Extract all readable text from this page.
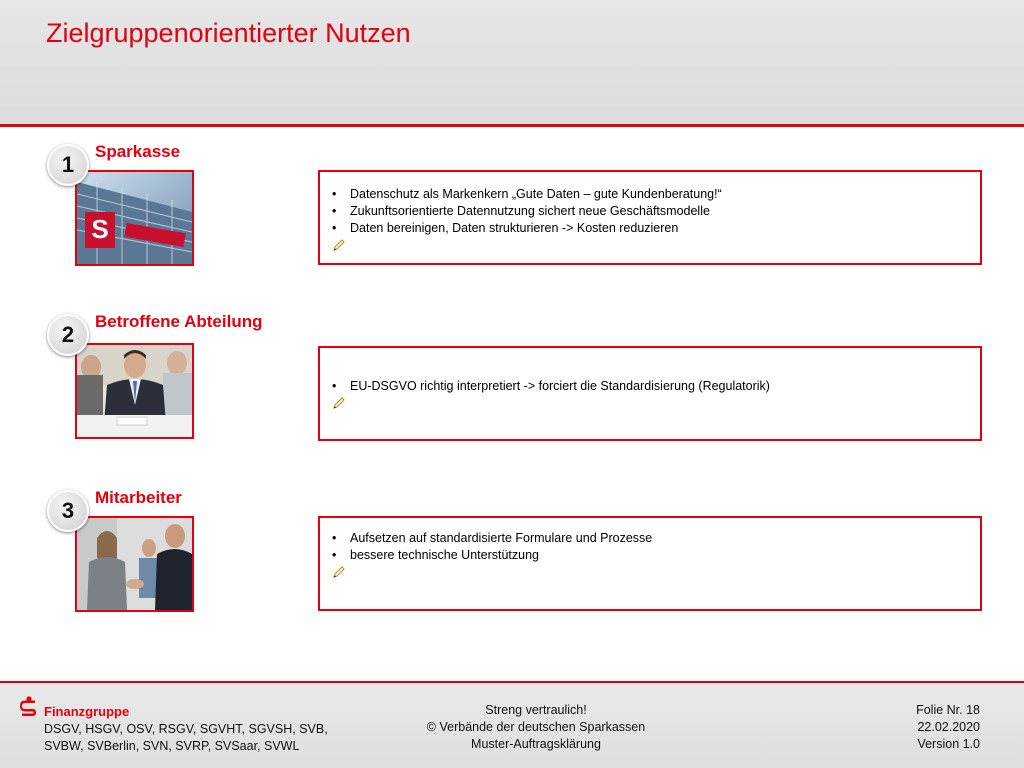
Zielgruppenorientierter Nutzen
1
Sparkasse
S
• Datenschutz als Markenkern „Gute Daten – gute Kundenberatung!“
• Zukunftsorientierte Datennutzung sichert neue Geschäftsmodelle
• Daten bereinigen, Daten strukturieren -> Kosten reduzieren
2
Betroffene Abteilung
• EU-DSGVO richtig interpretiert -> forciert die Standardisierung (Regulatorik)
3
Mitarbeiter
• Aufsetzen auf standardisierte Formulare und Prozesse
• bessere technische Unterstützung
Finanzgruppe
DSGV, HSGV, OSV, RSGV, SGVHT, SGVSH, SVB,
SVBW, SVBerlin, SVN, SVRP, SVSaar, SVWL
Streng vertraulich!
© Verbände der deutschen Sparkassen
Muster-Auftragsklärung
Folie Nr. 18
22.02.2020
Version 1.0
